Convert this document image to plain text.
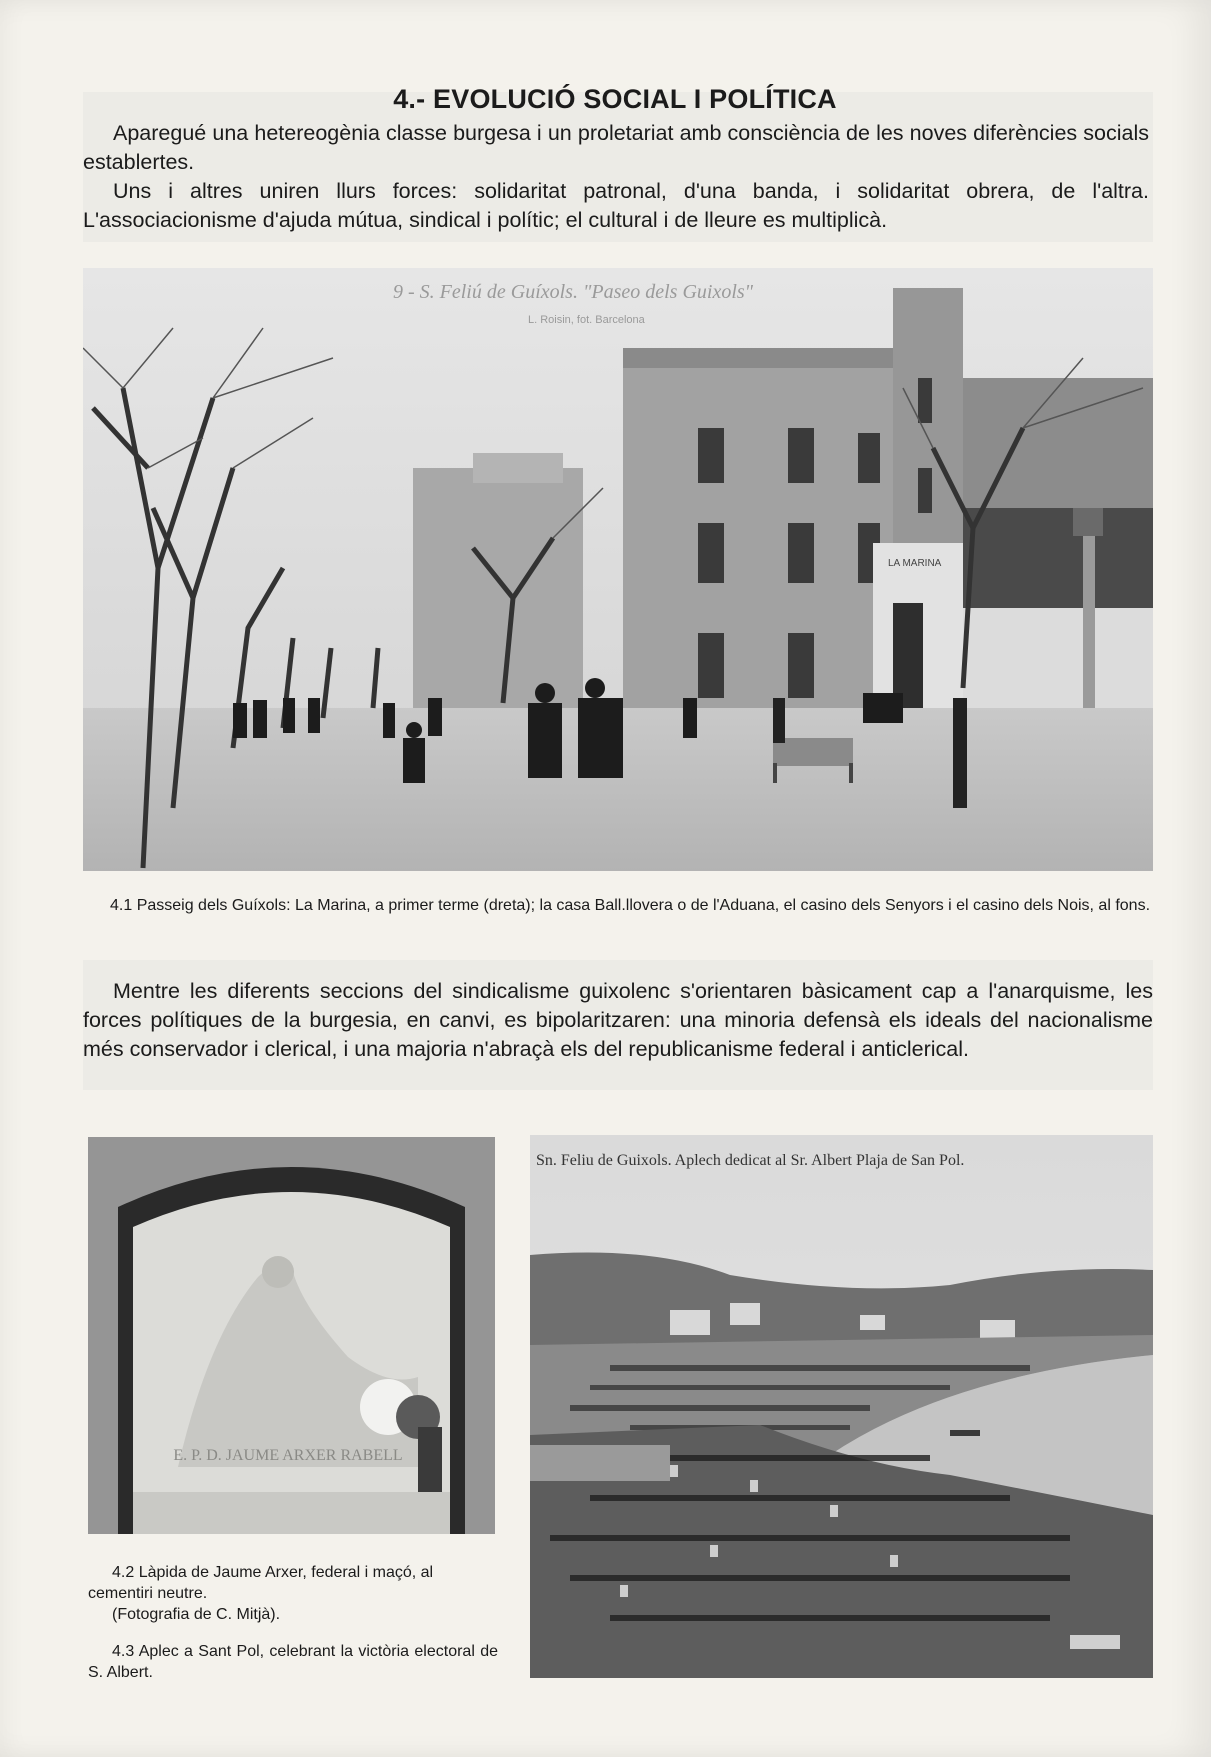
4.- EVOLUCIÓ SOCIAL I POLÍTICA

Aparegué una hetereogènia classe burgesa i un proletariat amb consciència de les noves diferències socials establertes.

Uns i altres uniren llurs forces: solidaritat patronal, d'una banda, i solidaritat obrera, de l'altra. L'associacionisme d'ajuda mútua, sindical i polític; el cultural i de lleure es multiplicà.

LA MARINA
9 - S. Feliú de Guíxols. "Paseo dels Guixols"
L. Roisin, fot. Barcelona

4.1 Passeig dels Guíxols: La Marina, a primer terme (dreta); la casa Ball.llovera o de l'Aduana, el casino dels Senyors i el casino dels Nois, al fons.

Mentre les diferents seccions del sindicalisme guixolenc s'orientaren bàsicament cap a l'anarquisme, les forces polítiques de la burgesia, en canvi, es bipolaritzaren: una minoria defensà els ideals del nacionalisme més conservador i clerical, i una majoria n'abraçà els del republicanisme federal i anticlerical.

E. P. D. JAUME ARXER RABELL

4.2 Làpida de Jaume Arxer, federal i maçó, al cementiri neutre.
(Fotografia de C. Mitjà).

4.3 Aplec a Sant Pol, celebrant la victòria electoral de S. Albert.

Sn. Feliu de Guixols. Aplech dedicat al Sr. Albert Plaja de San Pol.
